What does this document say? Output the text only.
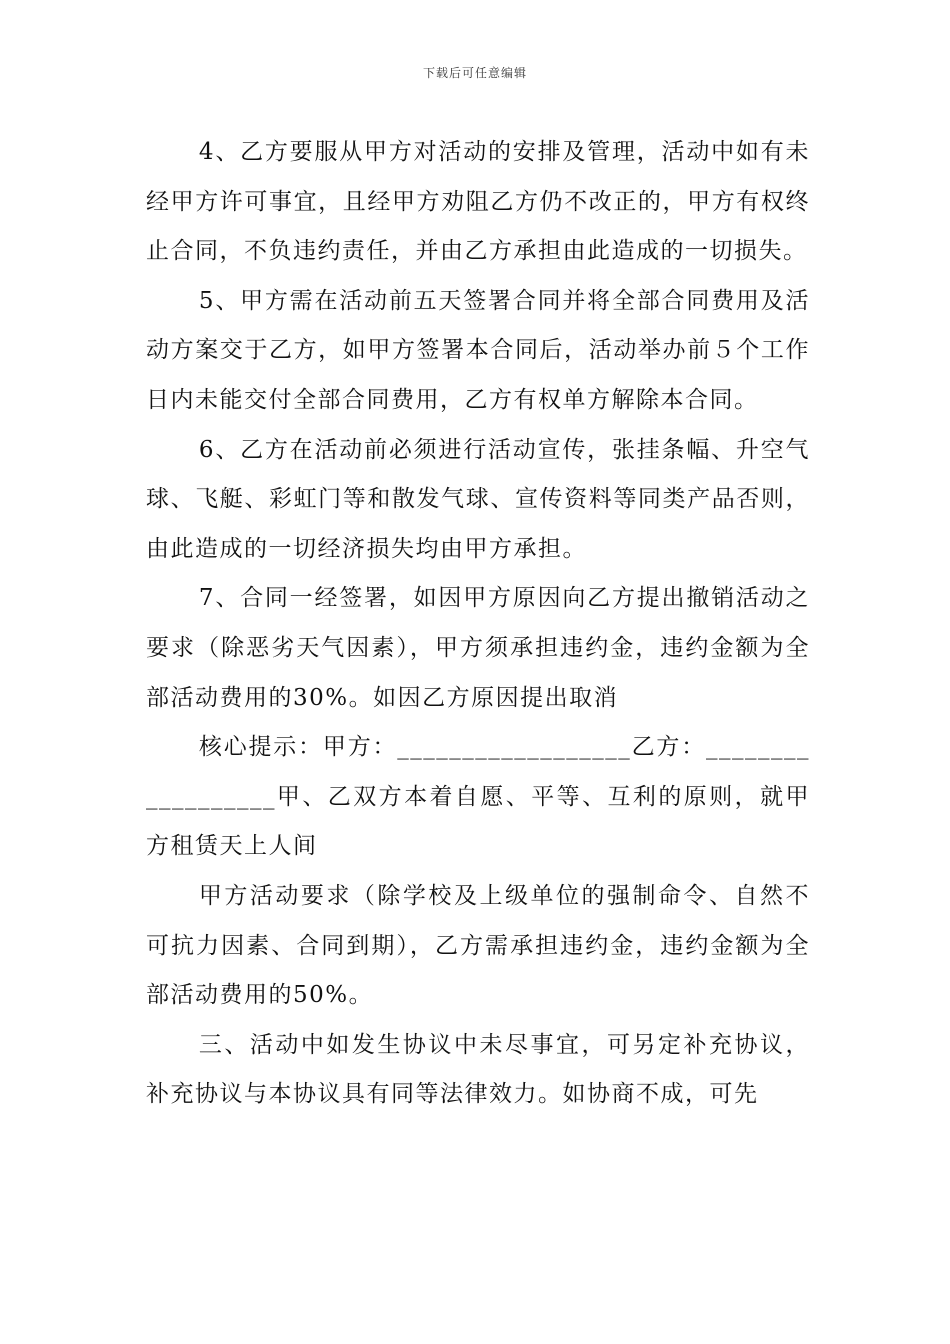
下载后可任意编辑

4、乙方要服从甲方对活动的安排及管理，活动中如有未经甲方许可事宜，且经甲方劝阻乙方仍不改正的，甲方有权终止合同，不负违约责任，并由乙方承担由此造成的一切损失。

5、甲方需在活动前五天签署合同并将全部合同费用及活动方案交于乙方，如甲方签署本合同后，活动举办前５个工作日内未能交付全部合同费用，乙方有权单方解除本合同。

6、乙方在活动前必须进行活动宣传，张挂条幅、升空气球、飞艇、彩虹门等和散发气球、宣传资料等同类产品否则，由此造成的一切经济损失均由甲方承担。

7、合同一经签署，如因甲方原因向乙方提出撤销活动之要求（除恶劣天气因素），甲方须承担违约金，违约金额为全部活动费用的30%。如因乙方原因提出取消

核心提示：甲方：__________________乙方：__________________甲、乙双方本着自愿、平等、互利的原则，就甲方租赁天上人间

甲方活动要求（除学校及上级单位的强制命令、自然不可抗力因素、合同到期），乙方需承担违约金，违约金额为全部活动费用的50%。

三、活动中如发生协议中未尽事宜，可另定补充协议，补充协议与本协议具有同等法律效力。如协商不成，可先
